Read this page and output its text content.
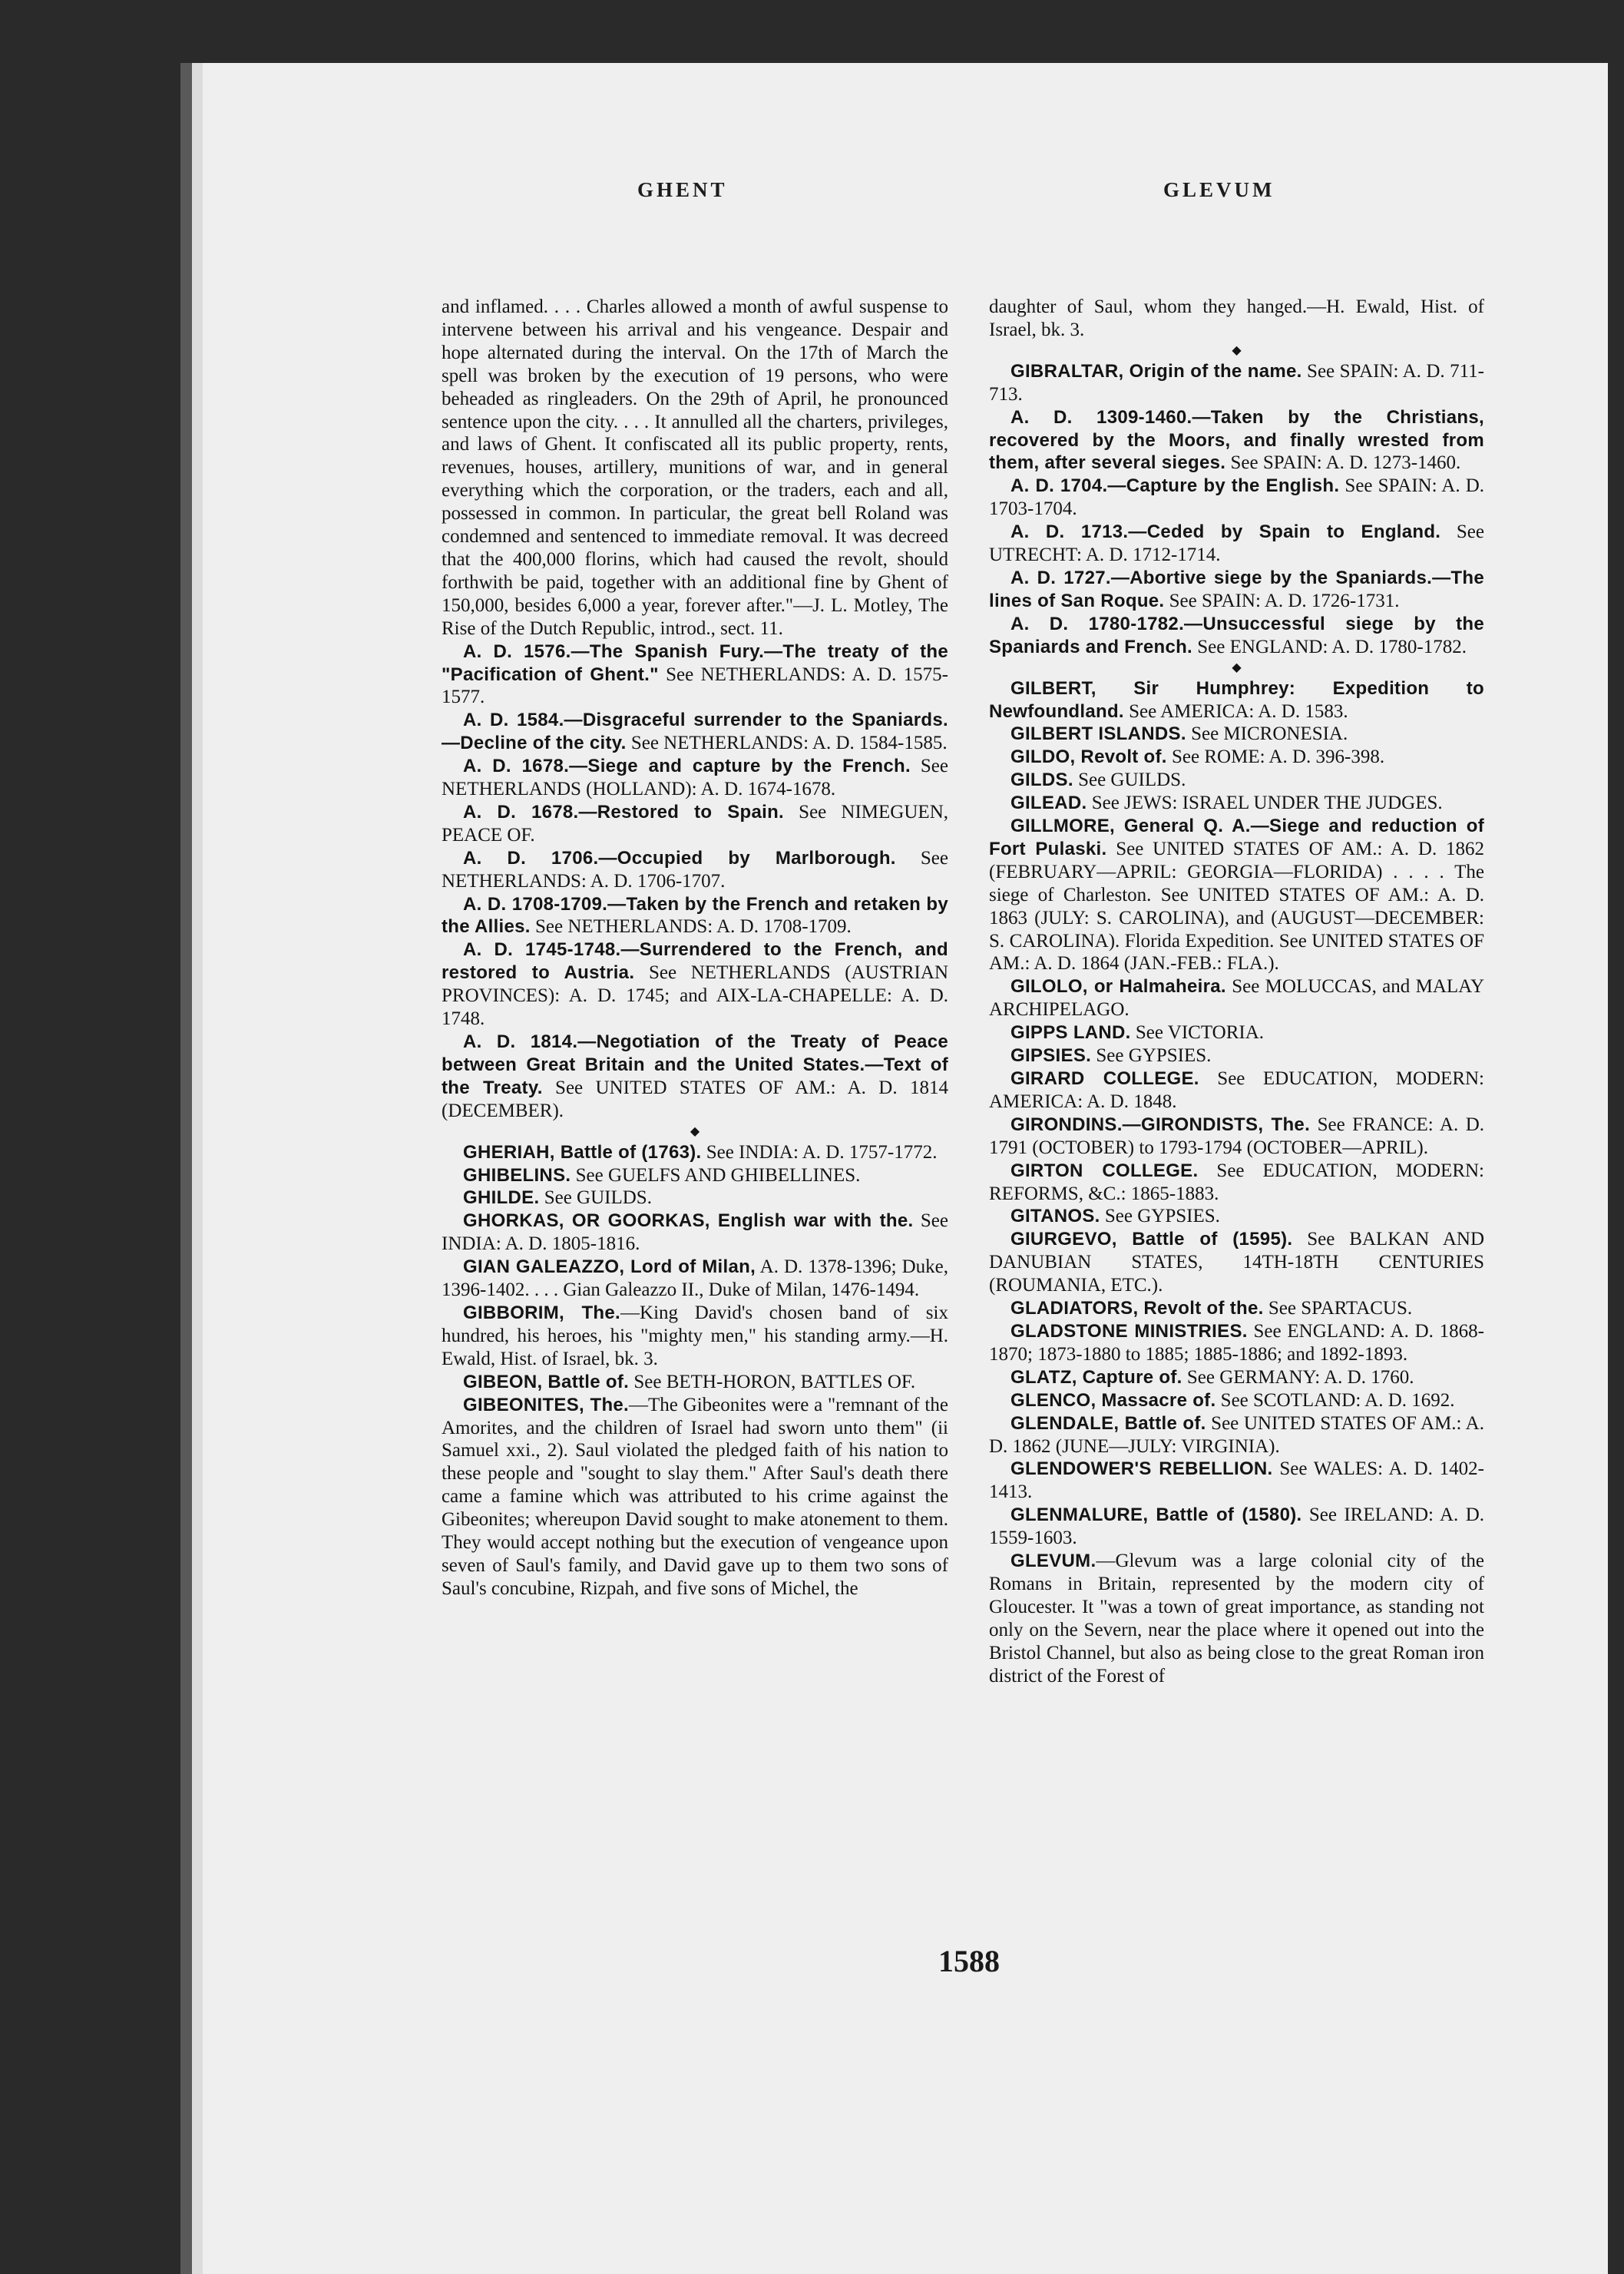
GHENT	GLEVUM

and inflamed. . . . Charles allowed a month of awful suspense to intervene between his arrival and his vengeance. Despair and hope alternated during the interval. On the 17th of March the spell was broken by the execution of 19 persons, who were beheaded as ringleaders. On the 29th of April, he pronounced sentence upon the city. . . . It annulled all the charters, privileges, and laws of Ghent. It confiscated all its public property, rents, revenues, houses, artillery, munitions of war, and in general everything which the corporation, or the traders, each and all, possessed in common. In particular, the great bell Roland was condemned and sentenced to immediate removal. It was decreed that the 400,000 florins, which had caused the revolt, should forthwith be paid, together with an additional fine by Ghent of 150,000, besides 6,000 a year, forever after."—J. L. Motley, The Rise of the Dutch Republic, introd., sect. 11.

A. D. 1576.—The Spanish Fury.—The treaty of the "Pacification of Ghent." See NETHERLANDS: A. D. 1575-1577.

A. D. 1584.—Disgraceful surrender to the Spaniards.—Decline of the city. See NETHERLANDS: A. D. 1584-1585.

A. D. 1678.—Siege and capture by the French. See NETHERLANDS (HOLLAND): A. D. 1674-1678.

A. D. 1678.—Restored to Spain. See NIMEGUEN, PEACE OF.

A. D. 1706.—Occupied by Marlborough. See NETHERLANDS: A. D. 1706-1707.

A. D. 1708-1709.—Taken by the French and retaken by the Allies. See NETHERLANDS: A. D. 1708-1709.

A. D. 1745-1748.—Surrendered to the French, and restored to Austria. See NETHERLANDS (AUSTRIAN PROVINCES): A. D. 1745; and AIX-LA-CHAPELLE: A. D. 1748.

A. D. 1814.—Negotiation of the Treaty of Peace between Great Britain and the United States.—Text of the Treaty. See UNITED STATES OF AM.: A. D. 1814 (DECEMBER).

◆

GHERIAH, Battle of (1763). See INDIA: A. D. 1757-1772.

GHIBELINS. See GUELFS AND GHIBELLINES.

GHILDE. See GUILDS.

GHORKAS, OR GOORKAS, English war with the. See INDIA: A. D. 1805-1816.

GIAN GALEAZZO, Lord of Milan, A. D. 1378-1396; Duke, 1396-1402. . . . Gian Galeazzo II., Duke of Milan, 1476-1494.

GIBBORIM, The.—King David's chosen band of six hundred, his heroes, his "mighty men," his standing army.—H. Ewald, Hist. of Israel, bk. 3.

GIBEON, Battle of. See BETH-HORON, BATTLES OF.

GIBEONITES, The.—The Gibeonites were a "remnant of the Amorites, and the children of Israel had sworn unto them" (ii Samuel xxi., 2). Saul violated the pledged faith of his nation to these people and "sought to slay them." After Saul's death there came a famine which was attributed to his crime against the Gibeonites; whereupon David sought to make atonement to them. They would accept nothing but the execution of vengeance upon seven of Saul's family, and David gave up to them two sons of Saul's concubine, Rizpah, and five sons of Michel, the

daughter of Saul, whom they hanged.—H. Ewald, Hist. of Israel, bk. 3.

◆

GIBRALTAR, Origin of the name. See SPAIN: A. D. 711-713.

A. D. 1309-1460.—Taken by the Christians, recovered by the Moors, and finally wrested from them, after several sieges. See SPAIN: A. D. 1273-1460.

A. D. 1704.—Capture by the English. See SPAIN: A. D. 1703-1704.

A. D. 1713.—Ceded by Spain to England. See UTRECHT: A. D. 1712-1714.

A. D. 1727.—Abortive siege by the Spaniards.—The lines of San Roque. See SPAIN: A. D. 1726-1731.

A. D. 1780-1782.—Unsuccessful siege by the Spaniards and French. See ENGLAND: A. D. 1780-1782.

◆

GILBERT, Sir Humphrey: Expedition to Newfoundland. See AMERICA: A. D. 1583.

GILBERT ISLANDS. See MICRONESIA.

GILDO, Revolt of. See ROME: A. D. 396-398.

GILDS. See GUILDS.

GILEAD. See JEWS: ISRAEL UNDER THE JUDGES.

GILLMORE, General Q. A.—Siege and reduction of Fort Pulaski. See UNITED STATES OF AM.: A. D. 1862 (FEBRUARY—APRIL: GEORGIA—FLORIDA) . . . . The siege of Charleston. See UNITED STATES OF AM.: A. D. 1863 (JULY: S. CAROLINA), and (AUGUST—DECEMBER: S. CAROLINA). Florida Expedition. See UNITED STATES OF AM.: A. D. 1864 (JAN.-FEB.: FLA.).

GILOLO, or Halmaheira. See MOLUCCAS, and MALAY ARCHIPELAGO.

GIPPS LAND. See VICTORIA.

GIPSIES. See GYPSIES.

GIRARD COLLEGE. See EDUCATION, MODERN: AMERICA: A. D. 1848.

GIRONDINS.—GIRONDISTS, The. See FRANCE: A. D. 1791 (OCTOBER) to 1793-1794 (OCTOBER—APRIL).

GIRTON COLLEGE. See EDUCATION, MODERN: REFORMS, &C.: 1865-1883.

GITANOS. See GYPSIES.

GIURGEVO, Battle of (1595). See BALKAN AND DANUBIAN STATES, 14TH-18TH CENTURIES (ROUMANIA, ETC.).

GLADIATORS, Revolt of the. See SPARTACUS.

GLADSTONE MINISTRIES. See ENGLAND: A. D. 1868-1870; 1873-1880 to 1885; 1885-1886; and 1892-1893.

GLATZ, Capture of. See GERMANY: A. D. 1760.

GLENCO, Massacre of. See SCOTLAND: A. D. 1692.

GLENDALE, Battle of. See UNITED STATES OF AM.: A. D. 1862 (JUNE—JULY: VIRGINIA).

GLENDOWER'S REBELLION. See WALES: A. D. 1402-1413.

GLENMALURE, Battle of (1580). See IRELAND: A. D. 1559-1603.

GLEVUM.—Glevum was a large colonial city of the Romans in Britain, represented by the modern city of Gloucester. It "was a town of great importance, as standing not only on the Severn, near the place where it opened out into the Bristol Channel, but also as being close to the great Roman iron district of the Forest of

1588
